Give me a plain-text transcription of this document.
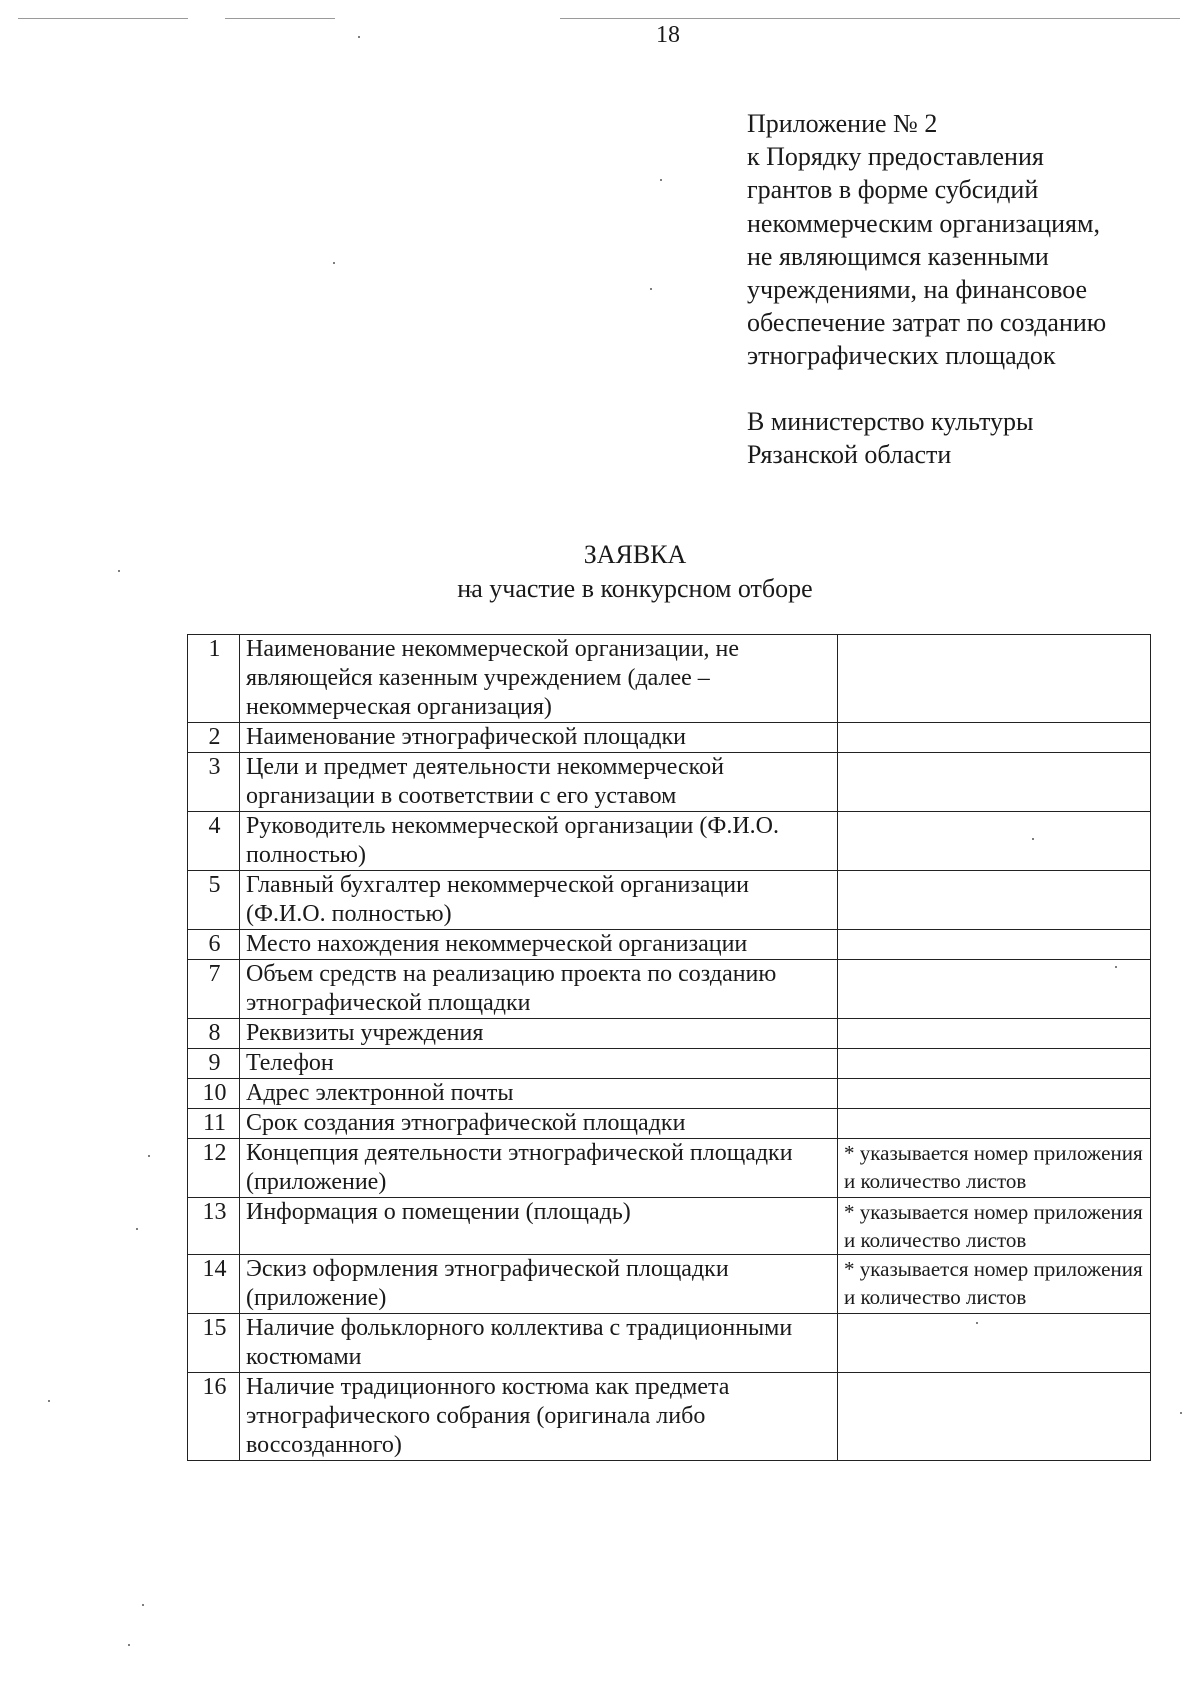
18
Приложение № 2
к Порядку предоставления
грантов в форме субсидий
некоммерческим организациям,
не являющимся казенными
учреждениями, на финансовое
обеспечение затрат по созданию
этнографических площадок
В министерство культуры
Рязанской области
ЗАЯВКА
на участие в конкурсном отборе
1	Наименование некоммерческой организации, не являющейся казенным учреждением (далее – некоммерческая организация)	
2	Наименование этнографической площадки	
3	Цели и предмет деятельности некоммерческой организации в соответствии с его уставом	
4	Руководитель некоммерческой организации (Ф.И.О. полностью)	
5	Главный бухгалтер некоммерческой организации (Ф.И.О. полностью)	
6	Место нахождения некоммерческой организации	
7	Объем средств на реализацию проекта по созданию этнографической площадки	
8	Реквизиты учреждения	
9	Телефон	
10	Адрес электронной почты	
11	Срок создания этнографической площадки	
12	Концепция деятельности этнографической площадки (приложение)	* указывается номер приложения и количество листов
13	Информация о помещении (площадь)	* указывается номер приложения и количество листов
14	Эскиз оформления этнографической площадки (приложение)	* указывается номер приложения и количество листов
15	Наличие фольклорного коллектива с традиционными костюмами	
16	Наличие традиционного костюма как предмета этнографического собрания (оригинала либо воссозданного)	
